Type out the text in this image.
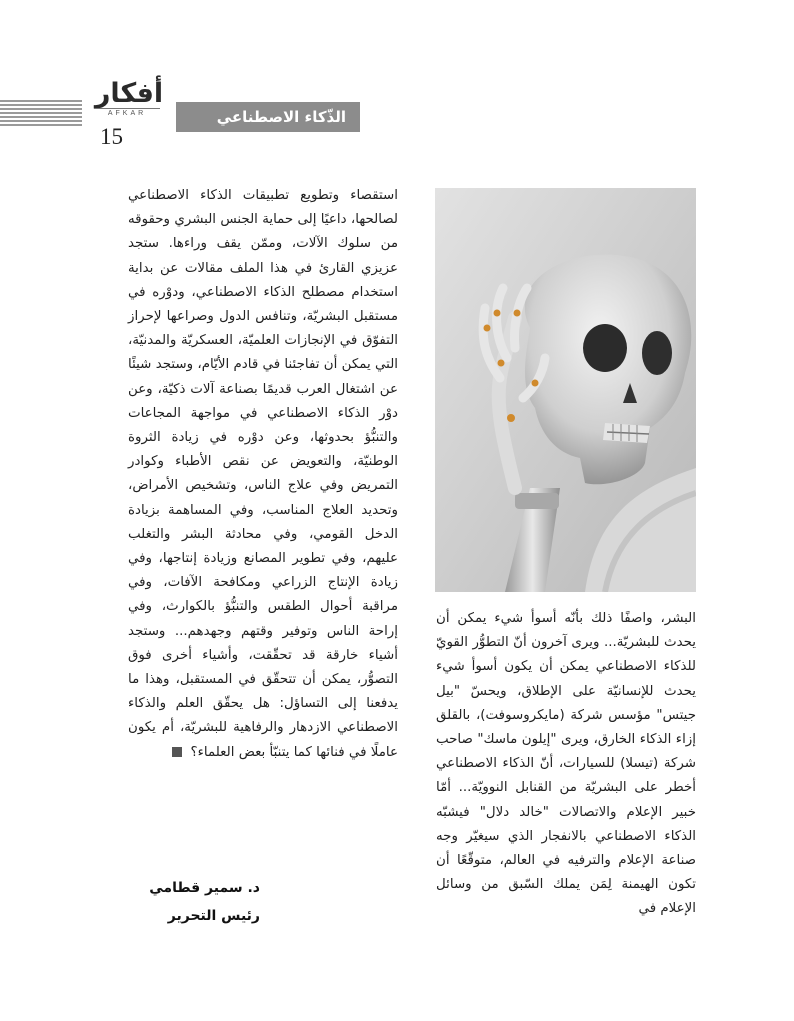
أفكار
AFKAR
15
الذّكاء الاصطناعي

استقصاء وتطويع تطبيقات الذكاء الاصطناعي لصالحها، داعيًا إلى حماية الجنس البشري وحقوقه من سلوك الآلات، وممّن يقف وراءها. ستجد عزيزي القارئ في هذا الملف مقالات عن بداية استخدام مصطلح الذكاء الاصطناعي، ودوْره في مستقبل البشريّة، وتنافس الدول وصراعها لإحراز التفوّق في الإنجازات العلميّة، العسكريّة والمدنيّة، التي يمكن أن تفاجئنا في قادم الأيّام، وستجد شيئًا عن اشتغال العرب قديمًا بصناعة آلات ذكيّة، وعن دوْر الذكاء الاصطناعي في مواجهة المجاعات والتنبُّؤ بحدوثها، وعن دوْره في زيادة الثروة الوطنيّة، والتعويض عن نقص الأطباء وكوادر التمريض وفي علاج الناس، وتشخيص الأمراض، وتحديد العلاج المناسب، وفي المساهمة بزيادة الدخل القومي، وفي محادثة البشر والتغلب عليهم، وفي تطوير المصانع وزيادة إنتاجها، وفي زيادة الإنتاج الزراعي ومكافحة الآفات، وفي مراقبة أحوال الطقس والتنبُّؤ بالكوارث، وفي إراحة الناس وتوفير وقتهم وجهدهم... وستجد أشياء خارقة قد تحقّقت، وأشياء أخرى فوق التصوُّر، يمكن أن تتحقّق في المستقبل، وهذا ما يدفعنا إلى التساؤل: هل يحقّق العلم والذكاء الاصطناعي الازدهار والرفاهية للبشريّة، أم يكون عاملًا في فنائها كما يتنبّأ بعض العلماء؟

البشر، واصفًا ذلك بأنّه أسوأ شيء يمكن أن يحدث للبشريّة... ويرى آخرون أنّ التطوُّر القويّ للذكاء الاصطناعي يمكن أن يكون أسوأ شيء يحدث للإنسانيّة على الإطلاق، ويحسّ "بيل جيتس" مؤسس شركة (مايكروسوفت)، بالقلق إزاء الذكاء الخارق، ويرى "إيلون ماسك" صاحب شركة (تيسلا) للسيارات، أنّ الذكاء الاصطناعي أخطر على البشريّة من القنابل النوويّة... أمّا خبير الإعلام والاتصالات "خالد دلال" فيشبّه الذكاء الاصطناعي بالانفجار الذي سيغيّر وجه صناعة الإعلام والترفيه في العالم، متوقّعًا أن تكون الهيمنة لِمَن يملك السّبق من وسائل الإعلام في

د. سمير قطامي
رئيس التحرير
